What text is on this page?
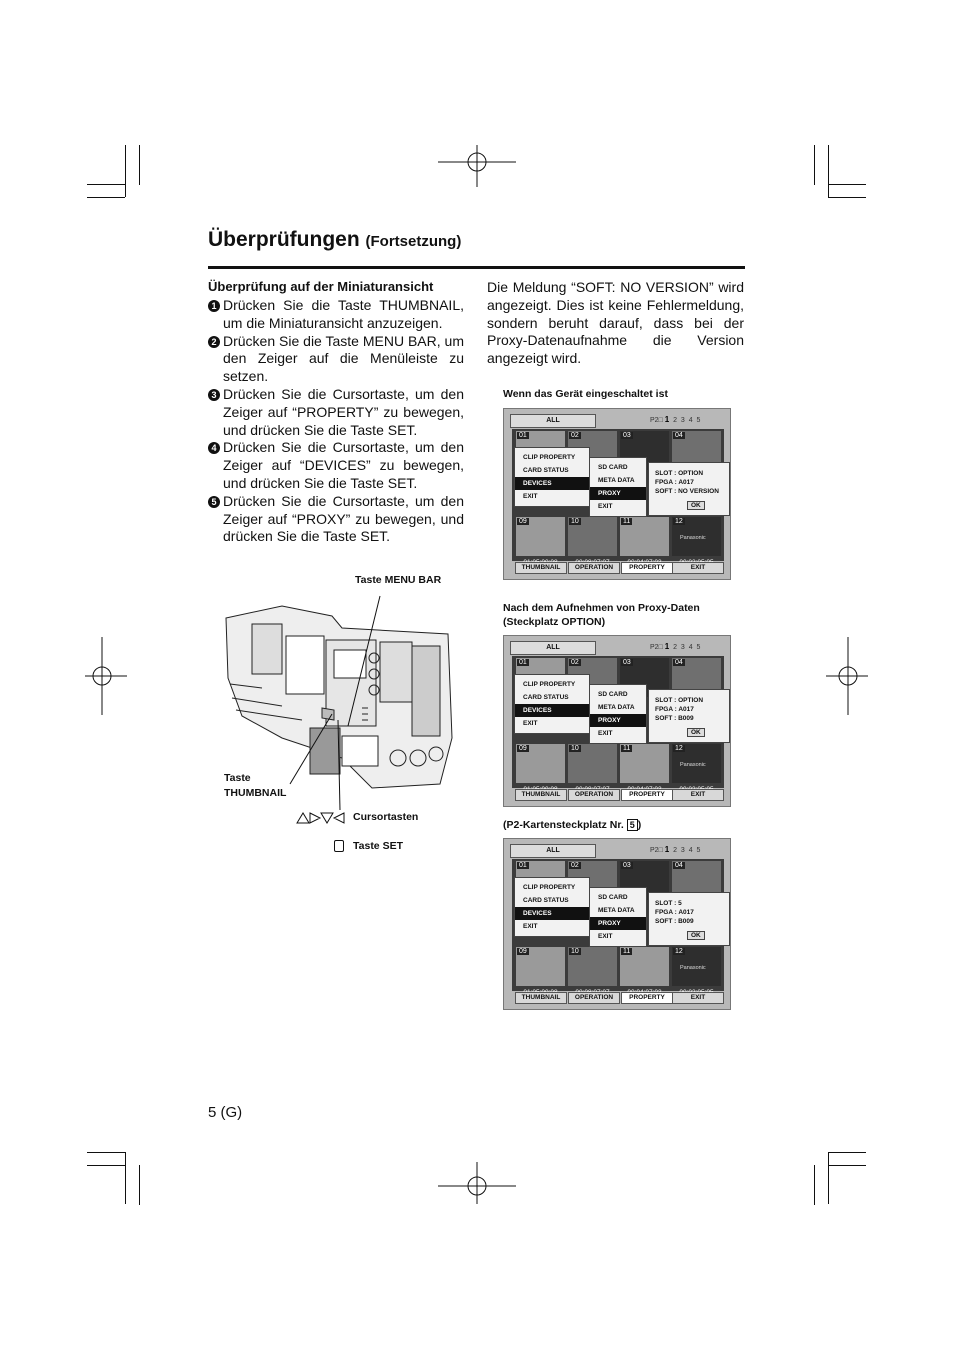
Überprüfungen (Fortsetzung)
Überprüfung auf der Miniaturansicht
1 Drücken Sie die Taste THUMBNAIL, um die Miniaturansicht anzuzeigen.
2 Drücken Sie die Taste MENU BAR, um den Zeiger auf die Menüleiste zu setzen.
3 Drücken Sie die Cursortaste, um den Zeiger auf “PROPERTY” zu bewegen, und drücken Sie die Taste SET.
4 Drücken Sie die Cursortaste, um den Zeiger auf “DEVICES” zu bewegen, und drücken Sie die Taste SET.
5 Drücken Sie die Cursortaste, um den Zeiger auf “PROXY” zu bewegen, und drücken Sie die Taste SET.
Die Meldung “SOFT: NO VERSION” wird angezeigt. Dies ist keine Fehlermeldung, sondern beruht darauf, dass bei der Proxy-Datenaufnahme die Version angezeigt wird.
Taste MENU BAR
Taste
THUMBNAIL
Cursortasten
Taste SET
Wenn das Gerät eingeschaltet ist
Nach dem Aufnehmen von Proxy-Daten
(Steckplatz OPTION)
(P2-Kartensteckplatz Nr. 5 )
ALL	P2□ 1 2 3 4 5
01	02	03	04
09	10	11	12
Panasonic
CLIP PROPERTY
CARD STATUS
DEVICES
EXIT
SD CARD
META DATA
PROXY
EXIT
SLOT : OPTION
FPGA : A017
SOFT : NO VERSION
OK
THUMBNAIL	OPERATION	PROPERTY	EXIT
ALL	P2□ 1 2 3 4 5
01	02	03	04
09	10	11	12
Panasonic
CLIP PROPERTY
CARD STATUS
DEVICES
EXIT
SD CARD
META DATA
PROXY
EXIT
SLOT : OPTION
FPGA : A017
SOFT : B009
OK
THUMBNAIL	OPERATION	PROPERTY	EXIT
ALL	P2□ 1 2 3 4 5
01	02	03	04
09	10	11	12
Panasonic
CLIP PROPERTY
CARD STATUS
DEVICES
EXIT
SD CARD
META DATA
PROXY
EXIT
SLOT : 5
FPGA : A017
SOFT : B009
OK
THUMBNAIL	OPERATION	PROPERTY	EXIT
5 (G)
